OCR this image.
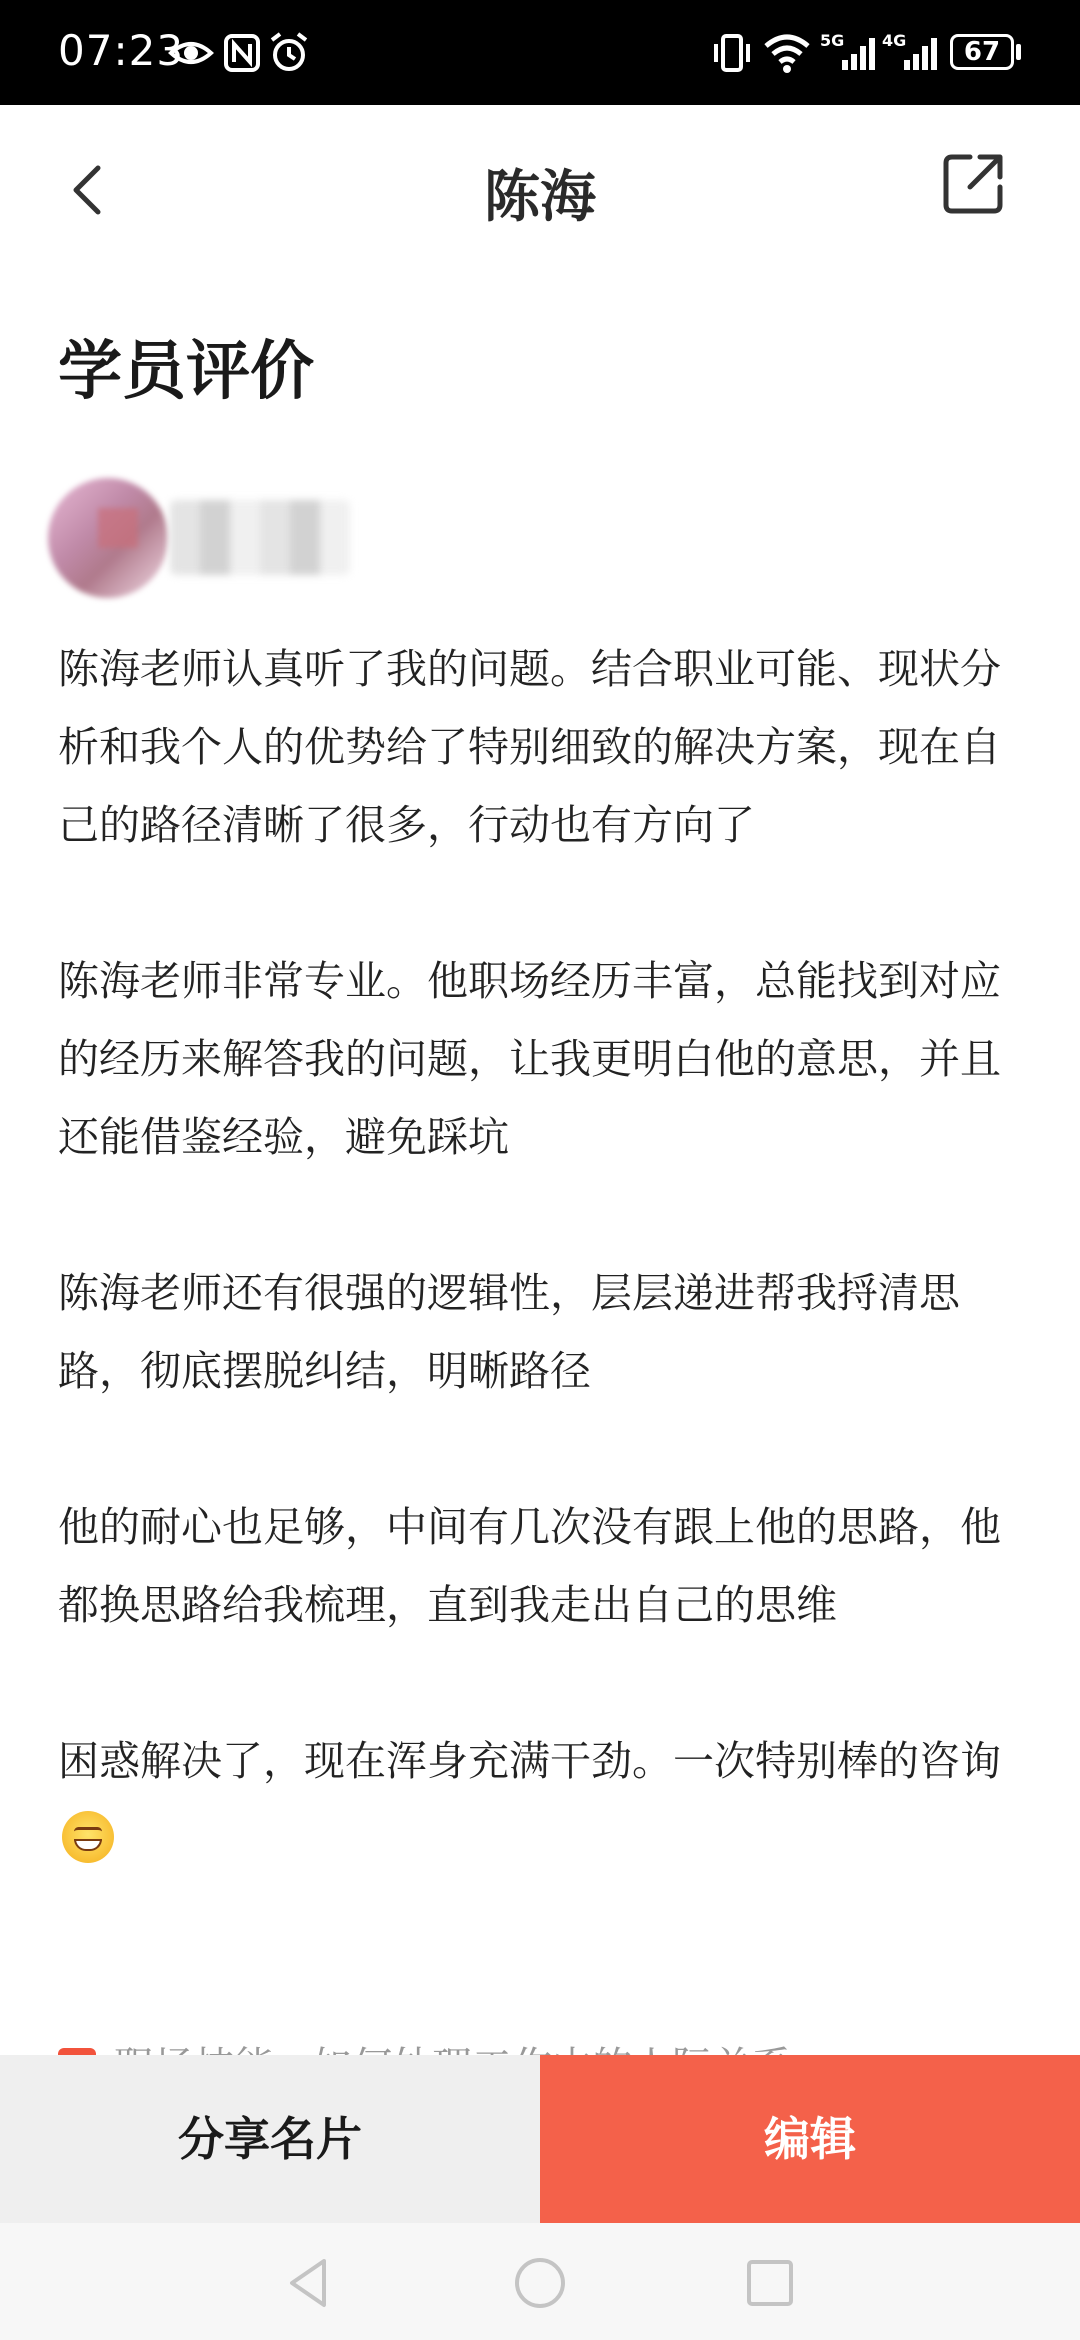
07:23	5G 4G	67
陈海
学员评价

陈海老师认真听了我的问题。结合职业可能、现状分析和我个人的优势给了特别细致的解决方案，现在自己的路径清晰了很多，行动也有方向了

陈海老师非常专业。他职场经历丰富，总能找到对应的经历来解答我的问题，让我更明白他的意思，并且还能借鉴经验，避免踩坑

陈海老师还有很强的逻辑性，层层递进帮我捋清思路，彻底摆脱纠结，明晰路径

他的耐心也足够，中间有几次没有跟上他的思路，他都换思路给我梳理，直到我走出自己的思维

困惑解决了，现在浑身充满干劲。一次特别棒的咨询

分享名片	编辑
